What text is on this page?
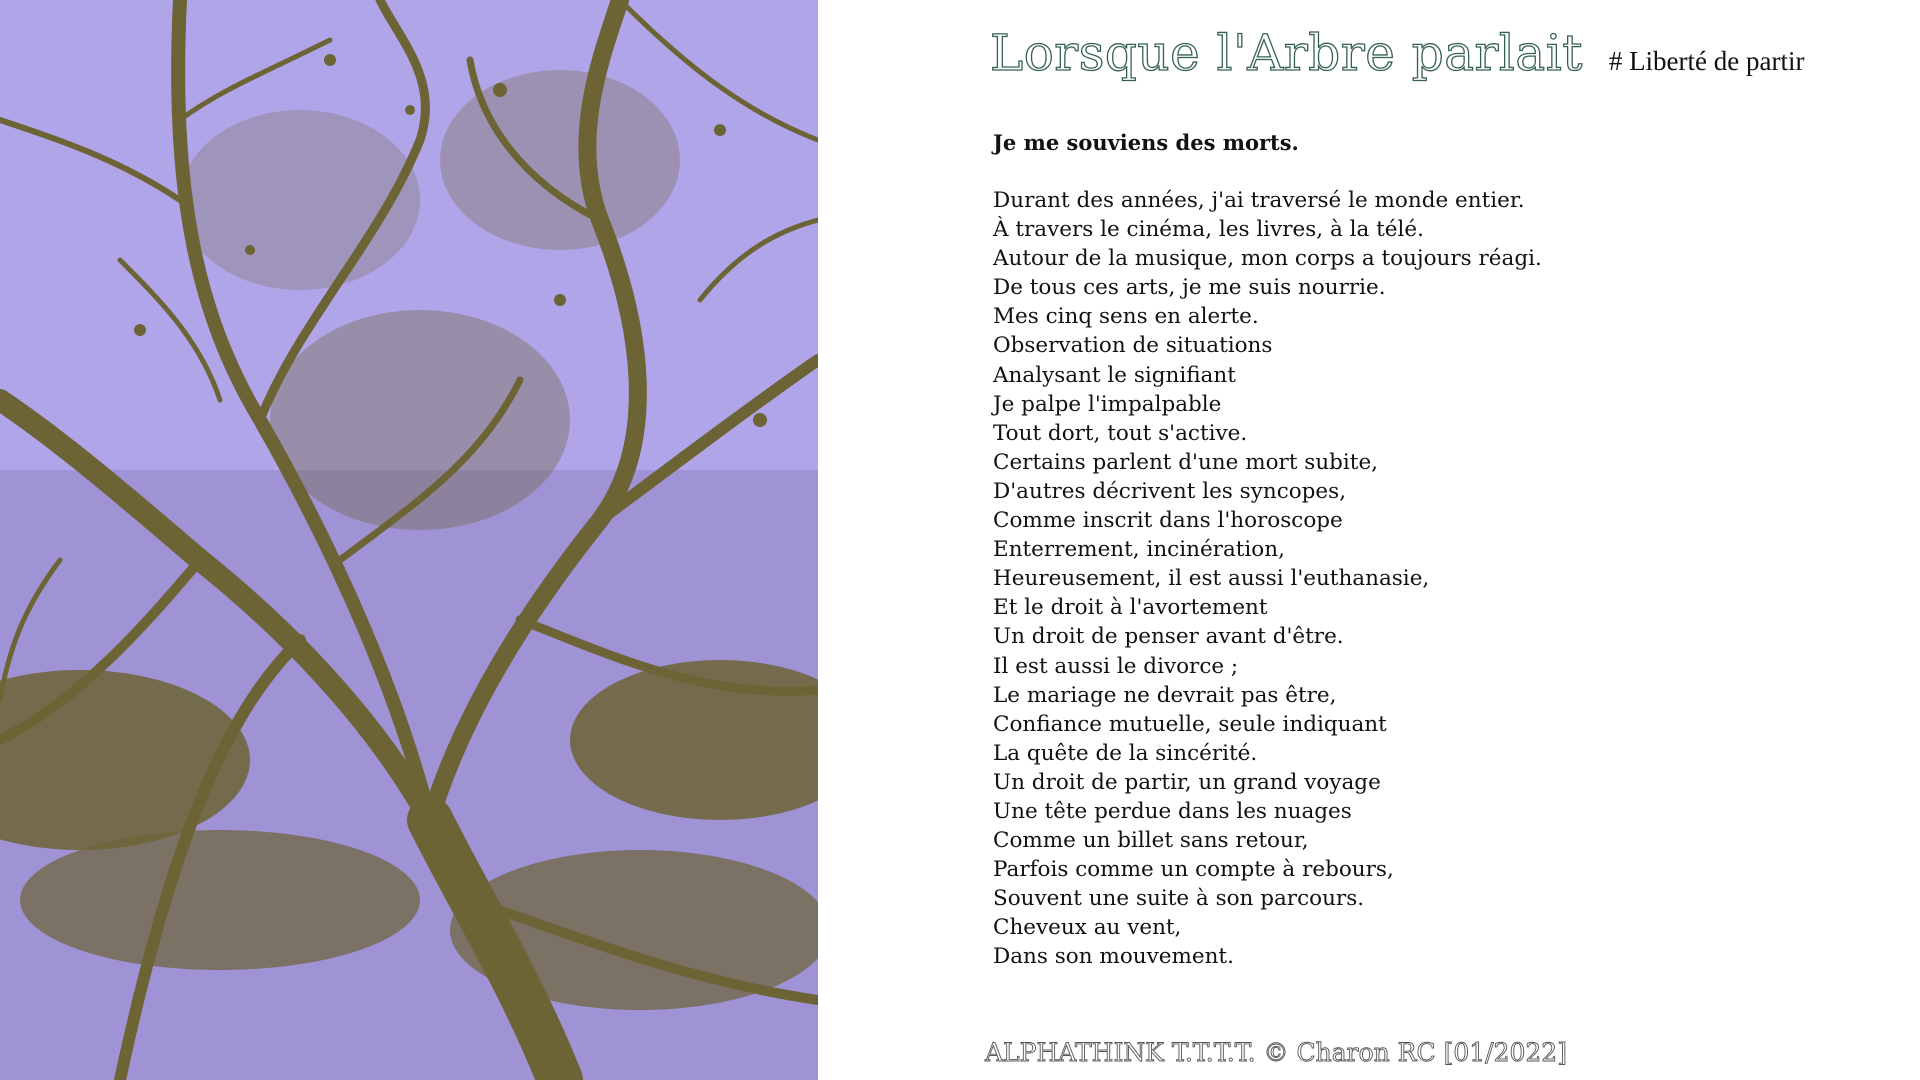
Lorsque l'Arbre parlait # Liberté de partir
Je me souviens des morts.
Durant des années, j'ai traversé le monde entier.
À travers le cinéma, les livres, à la télé.
Autour de la musique, mon corps a toujours réagi.
De tous ces arts, je me suis nourrie.
Mes cinq sens en alerte.
Observation de situations
Analysant le signifiant
Je palpe l'impalpable
Tout dort, tout s'active.
Certains parlent d'une mort subite,
D'autres décrivent les syncopes,
Comme inscrit dans l'horoscope
Enterrement, incinération,
Heureusement, il est aussi l'euthanasie,
Et le droit à l'avortement
Un droit de penser avant d'être.
Il est aussi le divorce ;
Le mariage ne devrait pas être,
Confiance mutuelle, seule indiquant
La quête de la sincérité.
Un droit de partir, un grand voyage
Une tête perdue dans les nuages
Comme un billet sans retour,
Parfois comme un compte à rebours,
Souvent une suite à son parcours.
Cheveux au vent,
Dans son mouvement.
ALPHATHINK T.T.T.T. © Charon RC [01/2022]
